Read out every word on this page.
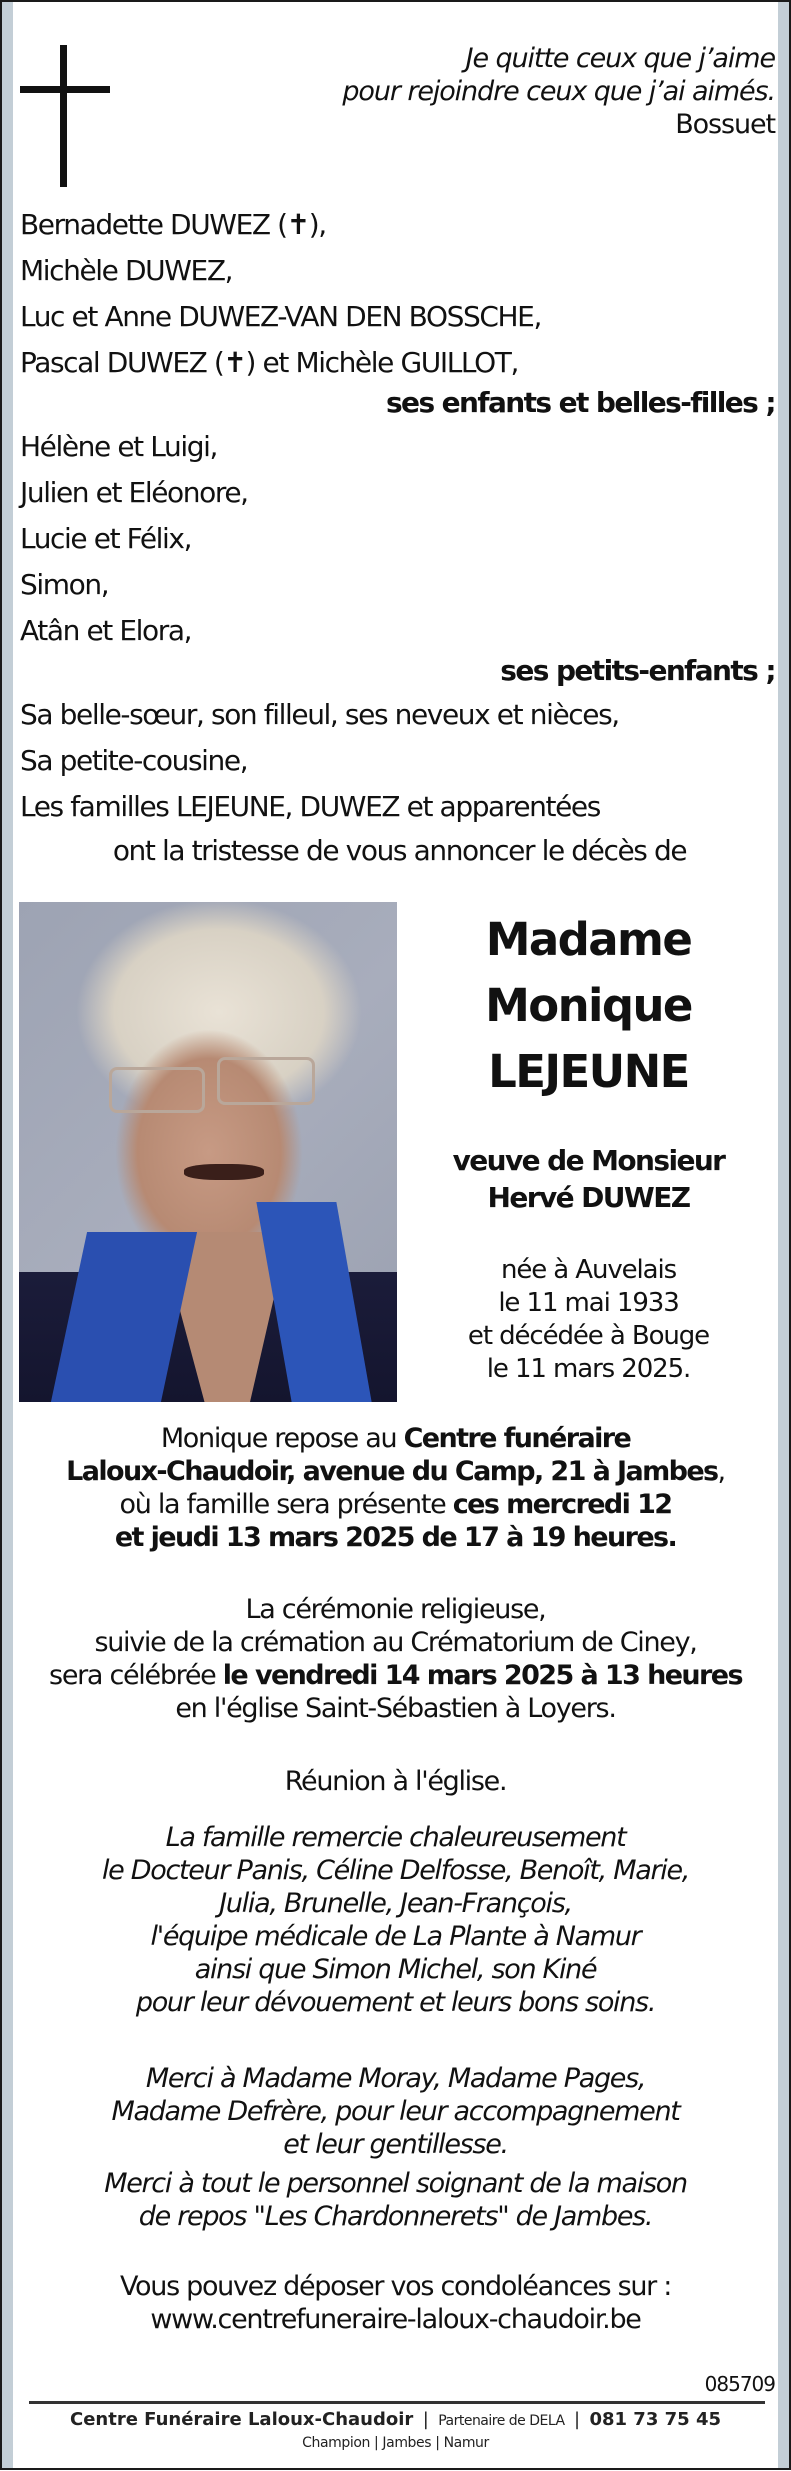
Je quitte ceux que j’aime
pour rejoindre ceux que j’ai aimés.
Bossuet
Bernadette DUWEZ (✝),
Michèle DUWEZ,
Luc et Anne DUWEZ-VAN DEN BOSSCHE,
Pascal DUWEZ (✝) et Michèle GUILLOT,
ses enfants et belles-filles ;
Hélène et Luigi,
Julien et Eléonore,
Lucie et Félix,
Simon,
Atân et Elora,
ses petits-enfants ;
Sa belle-sœur, son filleul, ses neveux et nièces,
Sa petite-cousine,
Les familles LEJEUNE, DUWEZ et apparentées
ont la tristesse de vous annoncer le décès de
Madame
Monique
LEJEUNE
veuve de Monsieur
Hervé DUWEZ
née à Auvelais
le 11 mai 1933
et décédée à Bouge
le 11 mars 2025.
Monique repose au Centre funéraire
Laloux-Chaudoir, avenue du Camp, 21 à Jambes,
où la famille sera présente ces mercredi 12
et jeudi 13 mars 2025 de 17 à 19 heures.
La cérémonie religieuse,
suivie de la crémation au Crématorium de Ciney,
sera célébrée le vendredi 14 mars 2025 à 13 heures
en l'église Saint-Sébastien à Loyers.
Réunion à l'église.
La famille remercie chaleureusement
le Docteur Panis, Céline Delfosse, Benoît, Marie,
Julia, Brunelle, Jean-François,
l'équipe médicale de La Plante à Namur
ainsi que Simon Michel, son Kiné
pour leur dévouement et leurs bons soins.
Merci à Madame Moray, Madame Pages,
Madame Defrère, pour leur accompagnement
et leur gentillesse.
Merci à tout le personnel soignant de la maison
de repos "Les Chardonnerets" de Jambes.
Vous pouvez déposer vos condoléances sur :
www.centrefuneraire-laloux-chaudoir.be
085709
Centre Funéraire Laloux-Chaudoir | Partenaire de DELA | 081 73 75 45
Champion | Jambes | Namur
